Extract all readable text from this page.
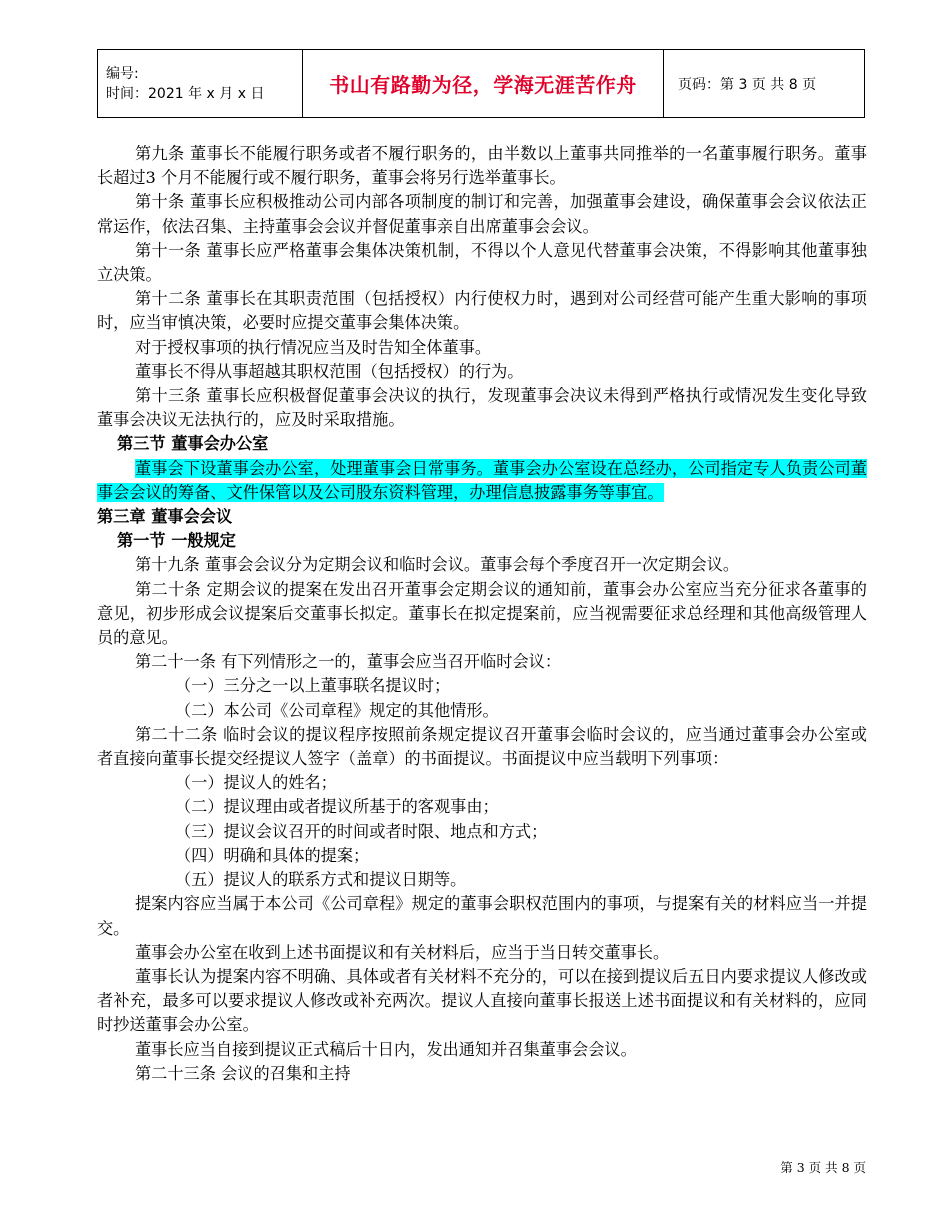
编号:
时间：2021 年 x 月 x 日	书山有路勤为径，学海无涯苦作舟	页码：第 3 页 共 8 页

第九条 董事长不能履行职务或者不履行职务的，由半数以上董事共同推举的一名董事履行职务。董事长超过3 个月不能履行或不履行职务，董事会将另行选举董事长。

第十条 董事长应积极推动公司内部各项制度的制订和完善，加强董事会建设，确保董事会会议依法正常运作，依法召集、主持董事会会议并督促董事亲自出席董事会会议。

第十一条 董事长应严格董事会集体决策机制，不得以个人意见代替董事会决策，不得影响其他董事独立决策。

第十二条 董事长在其职责范围（包括授权）内行使权力时，遇到对公司经营可能产生重大影响的事项时，应当审慎决策，必要时应提交董事会集体决策。

对于授权事项的执行情况应当及时告知全体董事。

董事长不得从事超越其职权范围（包括授权）的行为。

第十三条 董事长应积极督促董事会决议的执行，发现董事会决议未得到严格执行或情况发生变化导致董事会决议无法执行的，应及时采取措施。

第三节 董事会办公室

董事会下设董事会办公室，处理董事会日常事务。董事会办公室设在总经办，公司指定专人负责公司董事会会议的筹备、文件保管以及公司股东资料管理，办理信息披露事务等事宜。

第三章 董事会会议

第一节 一般规定

第十九条 董事会会议分为定期会议和临时会议。董事会每个季度召开一次定期会议。

第二十条 定期会议的提案在发出召开董事会定期会议的通知前，董事会办公室应当充分征求各董事的意见，初步形成会议提案后交董事长拟定。董事长在拟定提案前，应当视需要征求总经理和其他高级管理人员的意见。

第二十一条 有下列情形之一的，董事会应当召开临时会议：

（一）三分之一以上董事联名提议时；

（二）本公司《公司章程》规定的其他情形。

第二十二条 临时会议的提议程序按照前条规定提议召开董事会临时会议的，应当通过董事会办公室或者直接向董事长提交经提议人签字（盖章）的书面提议。书面提议中应当载明下列事项：

（一）提议人的姓名；

（二）提议理由或者提议所基于的客观事由；

（三）提议会议召开的时间或者时限、地点和方式；

（四）明确和具体的提案；

（五）提议人的联系方式和提议日期等。

提案内容应当属于本公司《公司章程》规定的董事会职权范围内的事项，与提案有关的材料应当一并提交。

董事会办公室在收到上述书面提议和有关材料后，应当于当日转交董事长。

董事长认为提案内容不明确、具体或者有关材料不充分的，可以在接到提议后五日内要求提议人修改或者补充，最多可以要求提议人修改或补充两次。提议人直接向董事长报送上述书面提议和有关材料的，应同时抄送董事会办公室。

董事长应当自接到提议正式稿后十日内，发出通知并召集董事会会议。

第二十三条 会议的召集和主持

第 3 页 共 8 页
